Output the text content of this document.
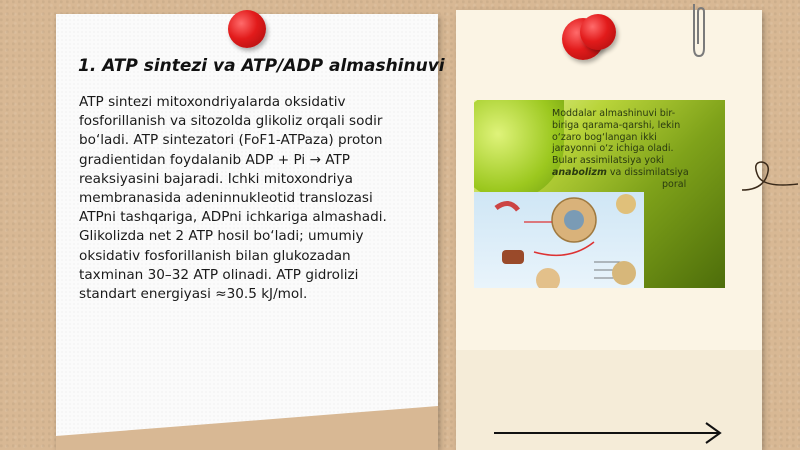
1. ATP sintezi va ATP/ADP almashinuvi

ATP sintezi mitoxondriyalarda oksidativ fosforillanish va sitozolda glikoliz orqali sodir bo‘ladi. ATP sintezatori (FoF1-ATPaza) proton gradientidan foydalanib ADP + Pi → ATP reaksiyasini bajaradi. Ichki mitoxondriya membranasida adeninnukleotid translozasi ATPni tashqariga, ADPni ichkariga almashadi. Glikolizda net 2 ATP hosil bo‘ladi; umumiy oksidativ fosforillanish bilan glukozadan taxminan 30–32 ATP olinadi. ATP gidrolizi standart energiyasi ≈30.5 kJ/mol.

Moddalar almashinuvi bir-
biriga qarama-qarshi, lekin
o‘zaro bog‘langan ikki
jarayonni o‘z ichiga oladi.
Bular assimilatsiya yoki
anabolizm va dissimilatsiya
poral
